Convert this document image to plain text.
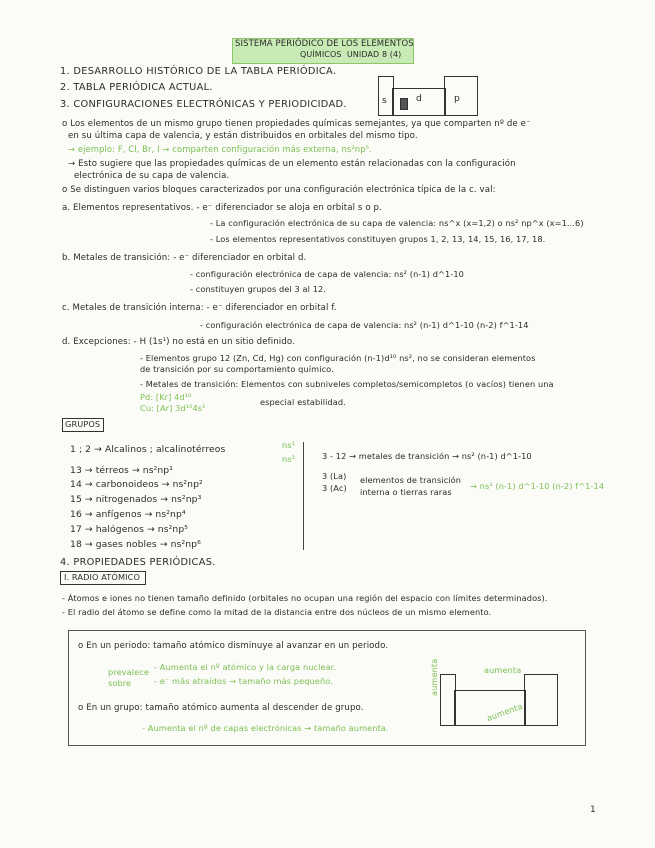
SISTEMA PERIÓDICO DE LOS ELEMENTOS
QUÍMICOS UNIDAD 8 (4)
s	d	p
1. DESARROLLO HISTÓRICO DE LA TABLA PERIÓDICA.
2. TABLA PERIÓDICA ACTUAL.
3. CONFIGURACIONES ELECTRÓNICAS Y PERIODICIDAD.
o Los elementos de un mismo grupo tienen propiedades químicas semejantes, ya que comparten nº de e⁻
en su última capa de valencia, y están distribuidos en orbitales del mismo tipo.
→ ejemplo: F, Cl, Br, I → comparten configuración más externa, ns²np⁵.
→ Esto sugiere que las propiedades químicas de un elemento están relacionadas con la configuración
electrónica de su capa de valencia.
o Se distinguen varios bloques caracterizados por una configuración electrónica típica de la c. val:
a. Elementos representativos. - e⁻ diferenciador se aloja en orbital s o p.
- La configuración electrónica de su capa de valencia: ns^x (x=1,2) o ns² np^x (x=1...6)
- Los elementos representativos constituyen grupos 1, 2, 13, 14, 15, 16, 17, 18.
b. Metales de transición: - e⁻ diferenciador en orbital d.
- configuración electrónica de capa de valencia: ns² (n-1) d^1-10
- constituyen grupos del 3 al 12.
c. Metales de transición interna: - e⁻ diferenciador en orbital f.
- configuración electrónica de capa de valencia: ns² (n-1) d^1-10 (n-2) f^1-14
d. Excepciones: - H (1s¹) no está en un sitio definido.
- Elementos grupo 12 (Zn, Cd, Hg) con configuración (n-1)d¹⁰ ns², no se consideran elementos
de transición por su comportamiento químico.
- Metales de transición: Elementos con subniveles completos/semicompletos (o vacíos) tienen una
Pd: [Kr] 4d¹⁰
Cu: [Ar] 3d¹⁰4s¹
especial estabilidad.
GRUPOS
1 ; 2 → Alcalinos ; alcalinotérreos	ns¹
ns²
13 → térreos → ns²np¹
14 → carbonoideos → ns²np²
15 → nitrogenados → ns²np³
16 → anfígenos → ns²np⁴
17 → halógenos → ns²np⁵
18 → gases nobles → ns²np⁶
3 - 12 → metales de transición → ns² (n-1) d^1-10
3 (La)
3 (Ac)
elementos de transición
interna o tierras raras
→ ns² (n-1) d^1-10 (n-2) f^1-14
4. PROPIEDADES PERIÓDICAS.
I. RADIO ATÓMICO
- Átomos e iones no tienen tamaño definido (orbitales no ocupan una región del espacio con límites determinados).
- El radio del átomo se define como la mitad de la distancia entre dos núcleos de un mismo elemento.
o En un periodo: tamaño atómico disminuye al avanzar en un periodo.
prevalece
sobre
- Aumenta el nº atómico y la carga nuclear.
- e⁻ más atraídos → tamaño más pequeño.
o En un grupo: tamaño atómico aumenta al descender de grupo.
- Aumenta el nº de capas electrónicas → tamaño aumenta.
aumenta
aumenta
aumenta
1
